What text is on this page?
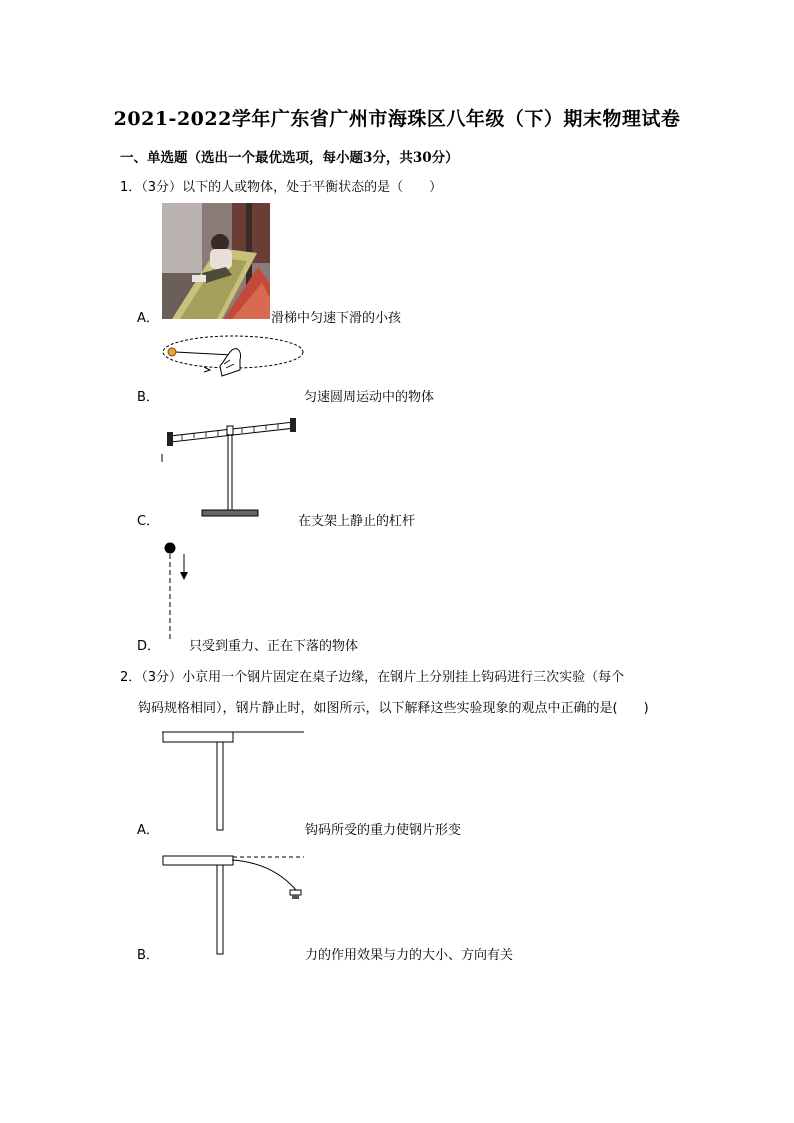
2021-2022学年广东省广州市海珠区八年级（下）期末物理试卷
一、单选题（选出一个最优选项，每小题3分，共30分）
1．（3分）以下的人或物体，处于平衡状态的是（　　）
A．	滑梯中匀速下滑的小孩
B．	匀速圆周运动中的物体
C．	在支架上静止的杠杆
D． 只受到重力、正在下落的物体
2．（3分）小京用一个钢片固定在桌子边缘，在钢片上分别挂上钩码进行三次实验（每个
钩码规格相同），钢片静止时，如图所示，以下解释这些实验现象的观点中正确的是(　　)
A．	钩码所受的重力使钢片形变
B．	力的作用效果与力的大小、方向有关
